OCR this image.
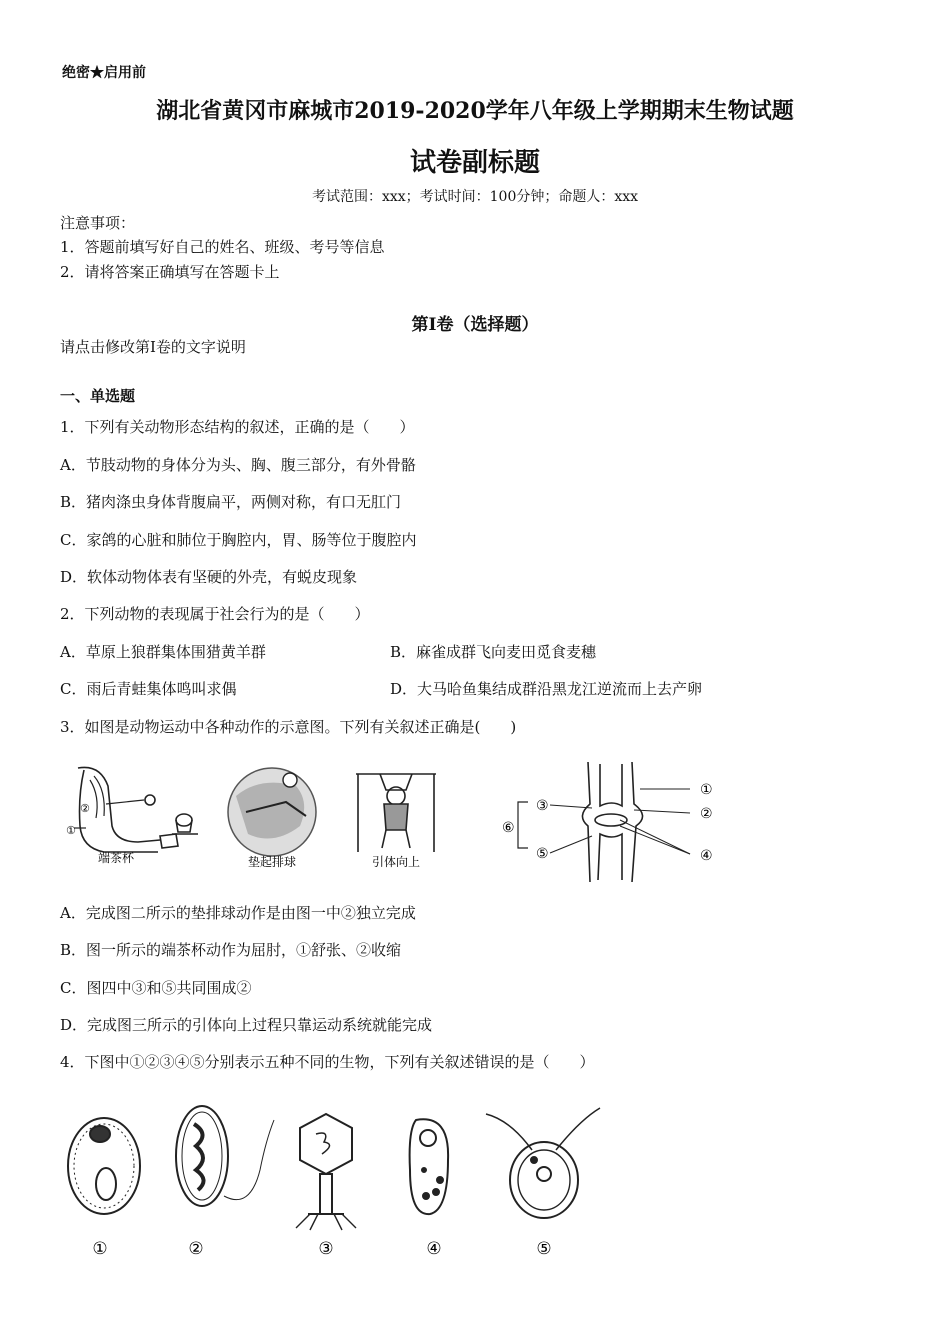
绝密★启用前
湖北省黄冈市麻城市2019-2020学年八年级上学期期末生物试题
试卷副标题
考试范围：xxx；考试时间：100分钟；命题人：xxx
注意事项：
1．答题前填写好自己的姓名、班级、考号等信息
2．请将答案正确填写在答题卡上
第I卷（选择题）
请点击修改第I卷的文字说明
一、单选题
1．下列有关动物形态结构的叙述，正确的是（　　）
A．节肢动物的身体分为头、胸、腹三部分，有外骨骼
B．猪肉涤虫身体背腹扁平，两侧对称，有口无肛门
C．家鸽的心脏和肺位于胸腔内，胃、肠等位于腹腔内
D．软体动物体表有坚硬的外壳，有蜕皮现象
2．下列动物的表现属于社会行为的是（　　）
A．草原上狼群集体围猎黄羊群	B．麻雀成群飞向麦田觅食麦穗
C．雨后青蛙集体鸣叫求偶	D．大马哈鱼集结成群沿黑龙江逆流而上去产卵
3．如图是动物运动中各种动作的示意图。下列有关叙述正确是(　　)
②
①
端茶杯	垫起排球	引体向上
①
②
③
④
⑤
⑥
A．完成图二所示的垫排球动作是由图一中②独立完成
B．图一所示的端茶杯动作为屈肘，①舒张、②收缩
C．图四中③和⑤共同围成②
D．完成图三所示的引体向上过程只靠运动系统就能完成
4．下图中①②③④⑤分别表示五种不同的生物，下列有关叙述错误的是（　　）
①	②	③	④	⑤
